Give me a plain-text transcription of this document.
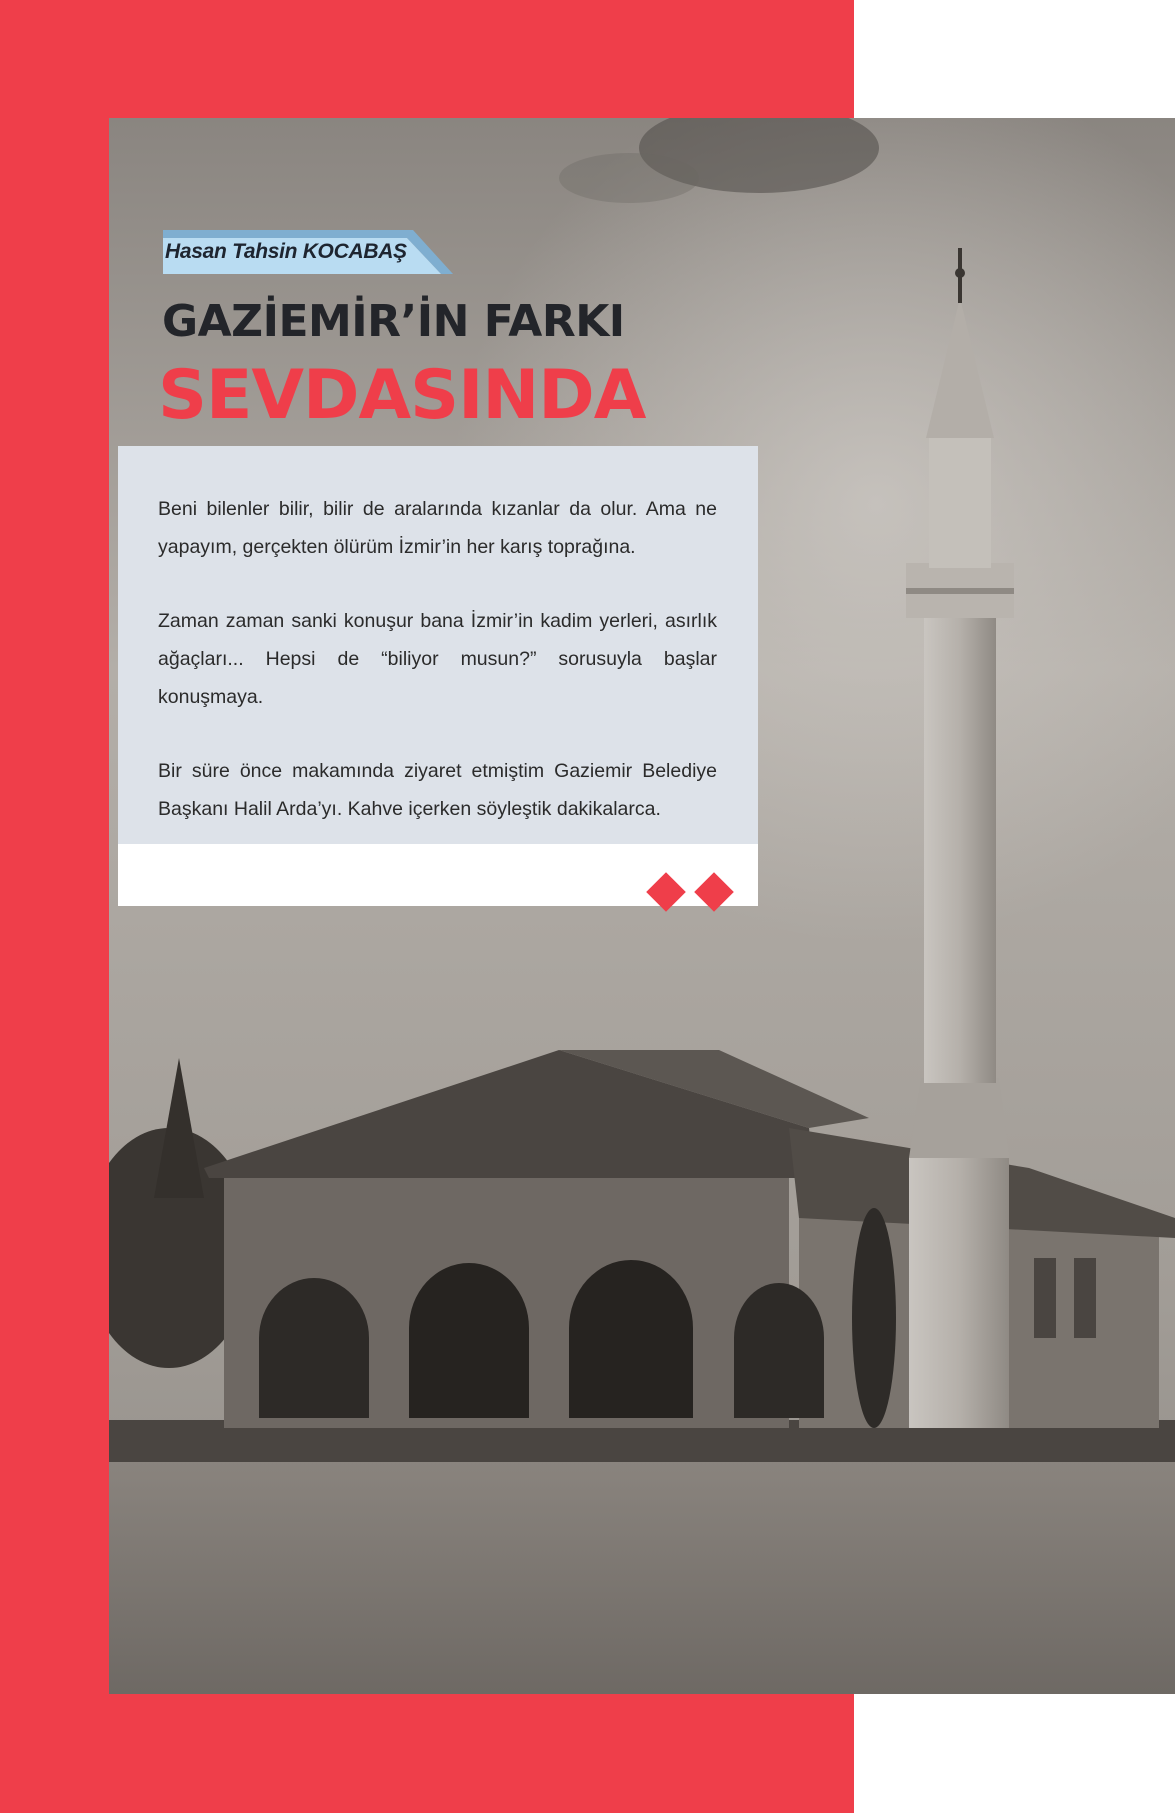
Hasan Tahsin KOCABAŞ
GAZİEMİR’İN FARKI
SEVDASINDA

Beni bilenler bilir, bilir de aralarında kızanlar da olur. Ama ne yapayım, gerçekten ölürüm İzmir’in her karış toprağına.

Zaman zaman sanki konuşur bana İzmir’in kadim yerleri, asırlık ağaçları... Hepsi de “biliyor musun?” sorusuyla başlar konuşmaya.

Bir süre önce makamında ziyaret etmiştim Gaziemir Belediye Başkanı Halil Arda’yı. Kahve içerken söyleştik dakikalarca.
